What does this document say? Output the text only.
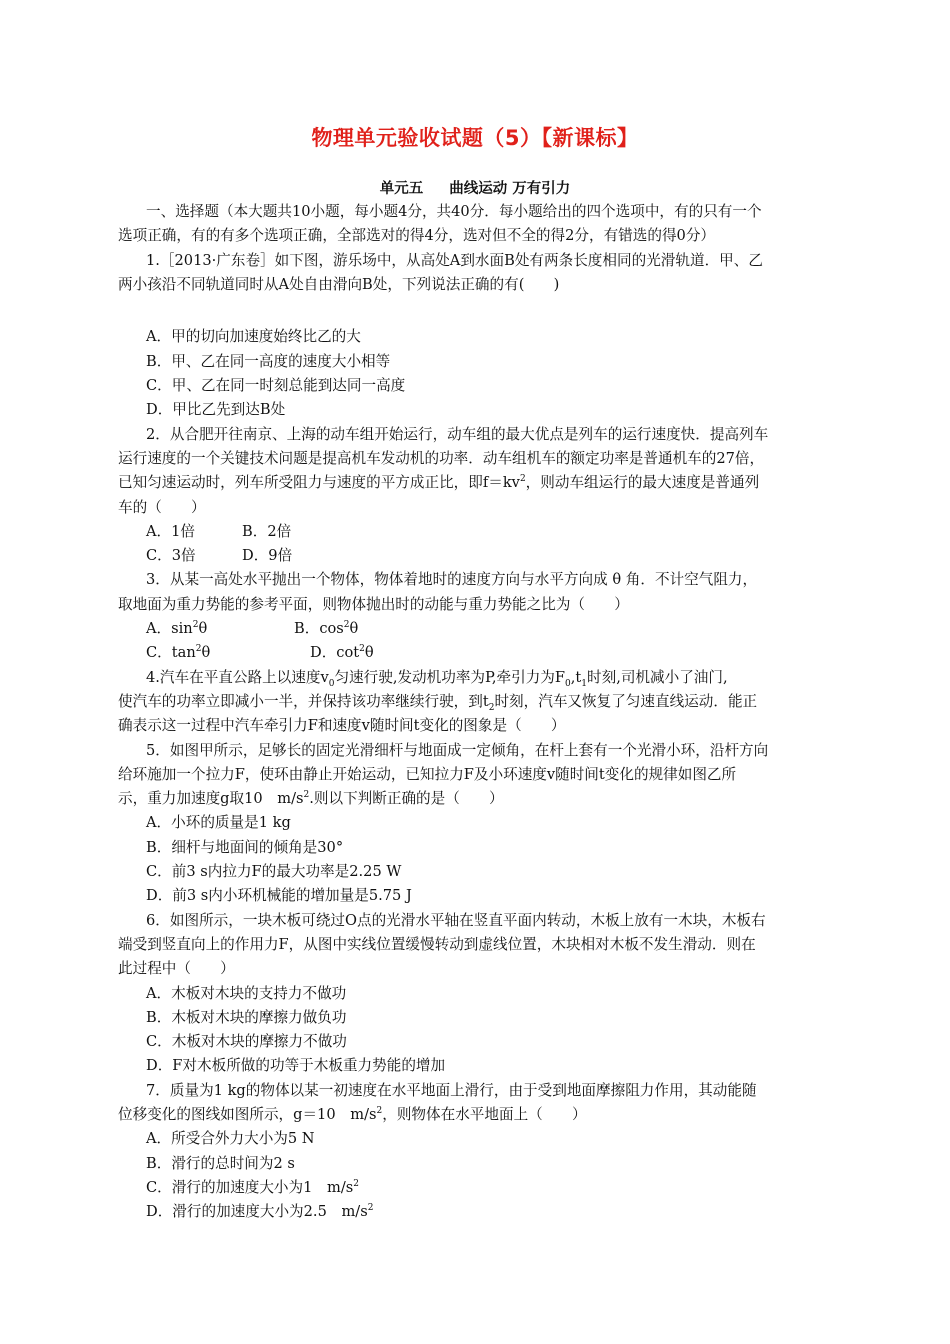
物理单元验收试题（5）【新课标】
单元五 曲线运动 万有引力
一、选择题（本大题共10小题，每小题4分，共40分．每小题给出的四个选项中，有的只有一个
选项正确，有的有多个选项正确，全部选对的得4分，选对但不全的得2分，有错选的得0分）
1.［2013·广东卷］如下图，游乐场中，从高处A到水面B处有两条长度相同的光滑轨道．甲、乙
两小孩沿不同轨道同时从A处自由滑向B处，下列说法正确的有(　　)
A．甲的切向加速度始终比乙的大
B．甲、乙在同一高度的速度大小相等
C．甲、乙在同一时刻总能到达同一高度
D．甲比乙先到达B处
2．从合肥开往南京、上海的动车组开始运行，动车组的最大优点是列车的运行速度快．提高列车
运行速度的一个关键技术问题是提高机车发动机的功率．动车组机车的额定功率是普通机车的27倍，
已知匀速运动时，列车所受阻力与速度的平方成正比，即$f=kv^2$，则动车组运行的最大速度是普通列
车的（　　）
A．1倍	B．2倍
C．3倍	D．9倍
3．从某一高处水平抛出一个物体，物体着地时的速度方向与水平方向成 θ 角．不计空气阻力，
取地面为重力势能的参考平面，则物体抛出时的动能与重力势能之比为（　　）
A．$\sin^2\theta$	B．$\cos^2\theta$
C．$\tan^2\theta$	D．$\cot^2\theta$
4.汽车在平直公路上以速度$v_0$匀速行驶,发动机功率为P,牵引力为$F_0,t_1$时刻,司机减小了油门,
使汽车的功率立即减小一半，并保持该功率继续行驶，到$t_2$时刻，汽车又恢复了匀速直线运动．能正
确表示这一过程中汽车牵引力F和速度v随时间t变化的图象是（　　）
5．如图甲所示，足够长的固定光滑细杆与地面成一定倾角，在杆上套有一个光滑小环，沿杆方向
给环施加一个拉力F，使环由静止开始运动，已知拉力F及小环速度v随时间t变化的规律如图乙所
示，重力加速度g取10　$m/s^2$.则以下判断正确的是（　　）
A．小环的质量是1 kg
B．细杆与地面间的倾角是30°
C．前3 s内拉力F的最大功率是2.25 W
D．前3 s内小环机械能的增加量是5.75 J
6．如图所示，一块木板可绕过O点的光滑水平轴在竖直平面内转动，木板上放有一木块，木板右
端受到竖直向上的作用力F，从图中实线位置缓慢转动到虚线位置，木块相对木板不发生滑动．则在
此过程中（　　）
A．木板对木块的支持力不做功
B．木板对木块的摩擦力做负功
C．木板对木块的摩擦力不做功
D．F对木板所做的功等于木板重力势能的增加
7．质量为1 kg的物体以某一初速度在水平地面上滑行，由于受到地面摩擦阻力作用，其动能随
位移变化的图线如图所示，g＝10　$m/s^2$，则物体在水平地面上（　　）
A．所受合外力大小为5 N
B．滑行的总时间为2 s
C．滑行的加速度大小为1　$m/s^2$
D．滑行的加速度大小为2.5　$m/s^2$
